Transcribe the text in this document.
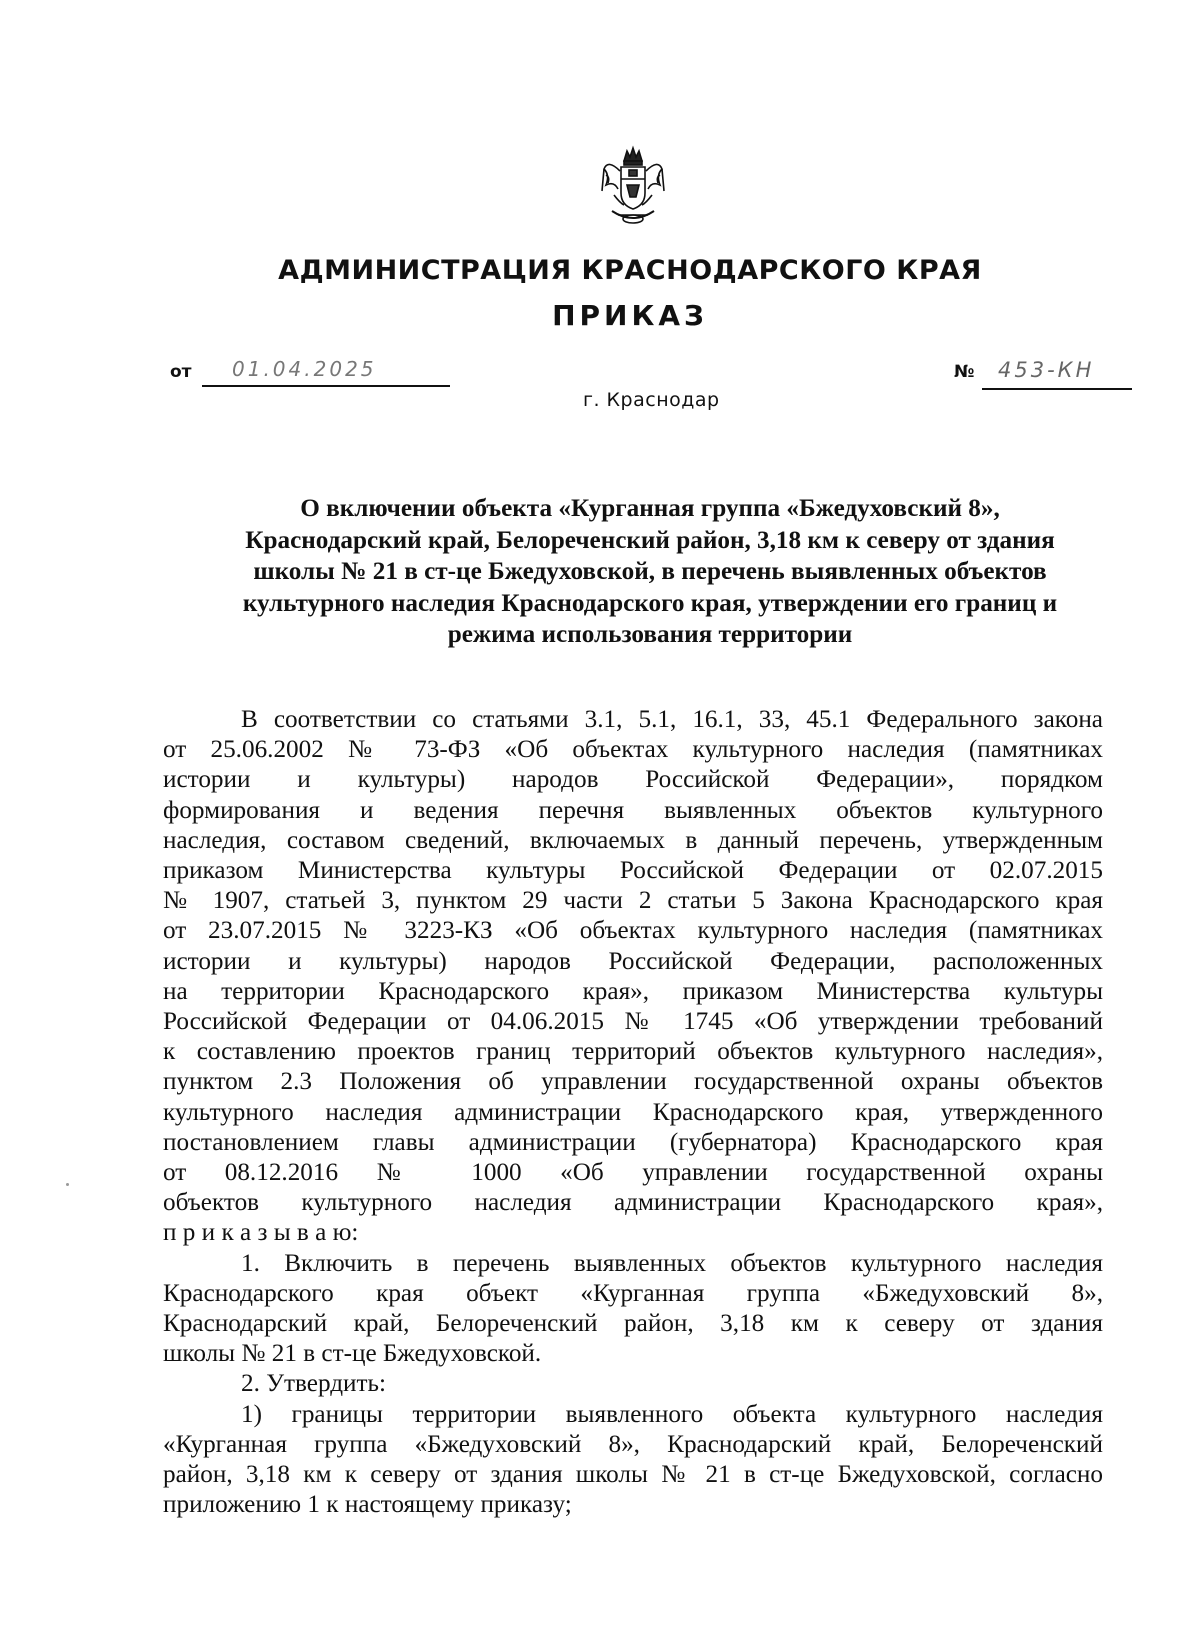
АДМИНИСТРАЦИЯ КРАСНОДАРСКОГО КРАЯ
ПРИКАЗ
от 01.04.2025	№ 453-КН
г. Краснодар
О включении объекта «Курганная группа «Бжедуховский 8»,
Краснодарский край, Белореченский район, 3,18 км к северу от здания
школы № 21 в ст-це Бжедуховской, в перечень выявленных объектов
культурного наследия Краснодарского края, утверждении его границ и
режима использования территории
В соответствии со статьями 3.1, 5.1, 16.1, 33, 45.1 Федерального закона
от 25.06.2002 № 73-ФЗ «Об объектах культурного наследия (памятниках
истории и культуры) народов Российской Федерации», порядком
формирования и ведения перечня выявленных объектов культурного
наследия, составом сведений, включаемых в данный перечень, утвержденным
приказом Министерства культуры Российской Федерации от 02.07.2015
№ 1907, статьей 3, пунктом 29 части 2 статьи 5 Закона Краснодарского края
от 23.07.2015 № 3223-КЗ «Об объектах культурного наследия (памятниках
истории и культуры) народов Российской Федерации, расположенных
на территории Краснодарского края», приказом Министерства культуры
Российской Федерации от 04.06.2015 № 1745 «Об утверждении требований
к составлению проектов границ территорий объектов культурного наследия»,
пунктом 2.3 Положения об управлении государственной охраны объектов
культурного наследия администрации Краснодарского края, утвержденного
постановлением главы администрации (губернатора) Краснодарского края
от 08.12.2016 № 1000 «Об управлении государственной охраны
объектов культурного наследия администрации Краснодарского края»,
п р и к а з ы в а ю:
1. Включить в перечень выявленных объектов культурного наследия
Краснодарского края объект «Курганная группа «Бжедуховский 8»,
Краснодарский край, Белореченский район, 3,18 км к северу от здания
школы № 21 в ст-це Бжедуховской.
2. Утвердить:
1) границы территории выявленного объекта культурного наследия
«Курганная группа «Бжедуховский 8», Краснодарский край, Белореченский
район, 3,18 км к северу от здания школы № 21 в ст-це Бжедуховской, согласно
приложению 1 к настоящему приказу;
